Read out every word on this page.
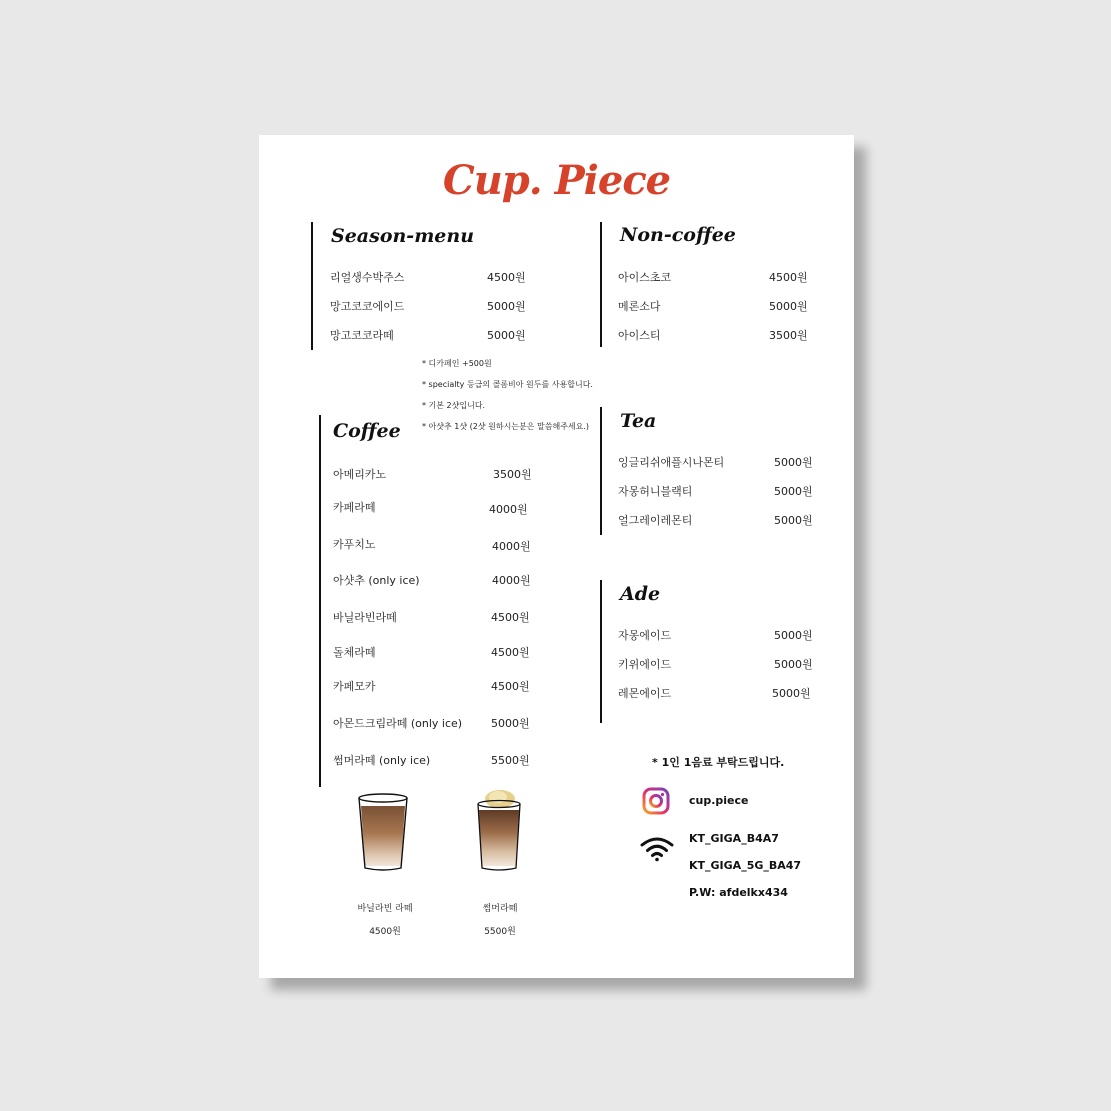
Cup. Piece
Season-menu
리얼생수박주스	4500원
망고코코에이드	5000원
망고코코라떼	5000원
* 디카페인 +500원
* specialty 등급의 콜롬비아 원두를 사용합니다.
* 기본 2샷입니다.
* 아샷추 1샷 (2샷 원하시는분은 말씀해주세요.)
Coffee
아메리카노	3500원
카페라떼	4000원
카푸치노	4000원
아샷추 (only ice)	4000원
바닐라빈라떼	4500원
돌체라떼	4500원
카페모카	4500원
아몬드크림라떼 (only ice)	5000원
썸머라떼 (only ice)	5500원
Non-coffee
아이스초코	4500원
메론소다	5000원
아이스티	3500원
Tea
잉글리쉬애플시나몬티	5000원
자몽허니블랙티	5000원
얼그레이레몬티	5000원
Ade
자몽에이드	5000원
키위에이드	5000원
레몬에이드	5000원
* 1인 1음료 부탁드립니다.
cup.piece
KT_GIGA_B4A7
KT_GIGA_5G_BA47
P.W: afdelkx434
바닐라빈 라떼
4500원
썸머라떼
5500원
